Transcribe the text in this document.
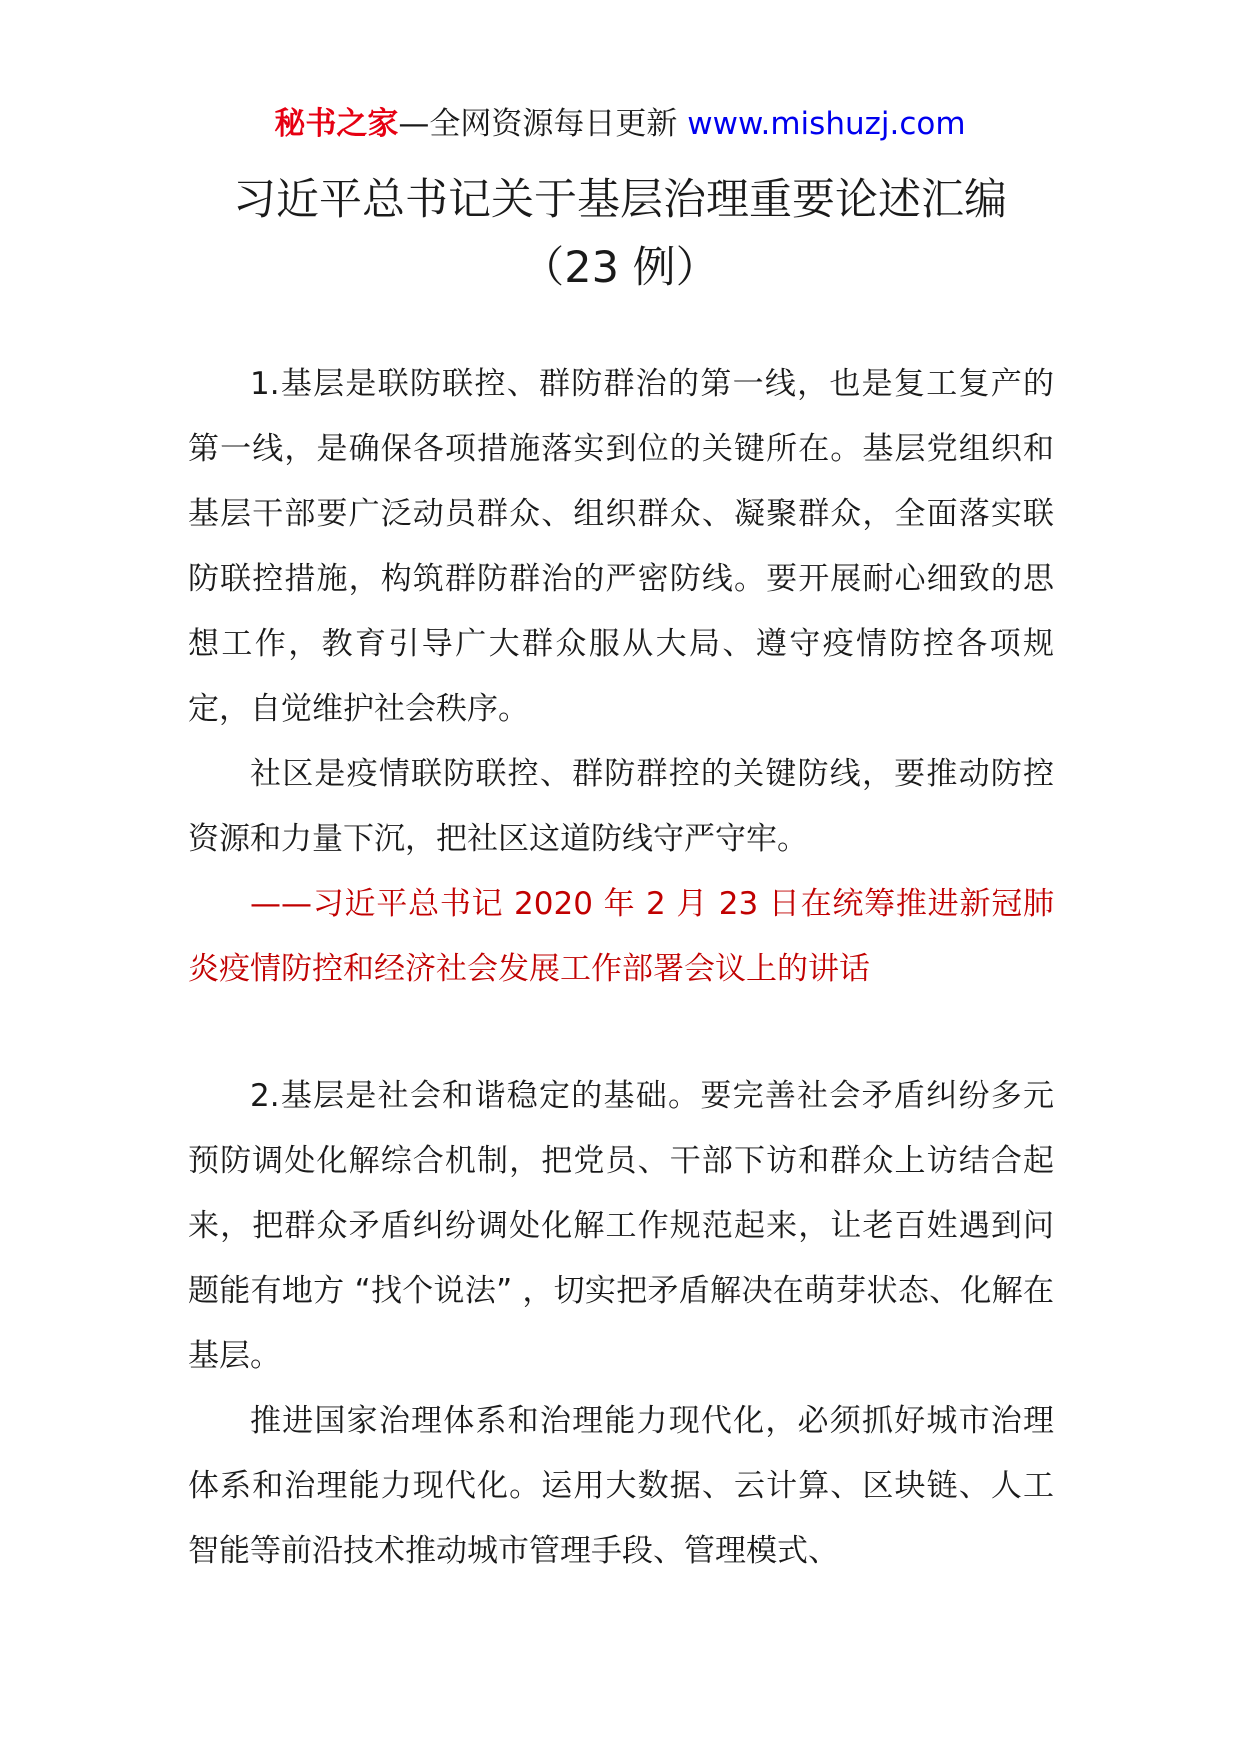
秘书之家—全网资源每日更新 www.mishuzj.com
习近平总书记关于基层治理重要论述汇编
（23 例）

1.基层是联防联控、群防群治的第一线，也是复工复产的第一线，是确保各项措施落实到位的关键所在。基层党组织和基层干部要广泛动员群众、组织群众、凝聚群众，全面落实联防联控措施，构筑群防群治的严密防线。要开展耐心细致的思想工作，教育引导广大群众服从大局、遵守疫情防控各项规定，自觉维护社会秩序。

社区是疫情联防联控、群防群控的关键防线，要推动防控资源和力量下沉，把社区这道防线守严守牢。

——习近平总书记 2020 年 2 月 23 日在统筹推进新冠肺炎疫情防控和经济社会发展工作部署会议上的讲话

2.基层是社会和谐稳定的基础。要完善社会矛盾纠纷多元预防调处化解综合机制，把党员、干部下访和群众上访结合起来，把群众矛盾纠纷调处化解工作规范起来，让老百姓遇到问题能有地方 “找个说法” ，切实把矛盾解决在萌芽状态、化解在基层。

推进国家治理体系和治理能力现代化，必须抓好城市治理体系和治理能力现代化。运用大数据、云计算、区块链、人工智能等前沿技术推动城市管理手段、管理模式、
